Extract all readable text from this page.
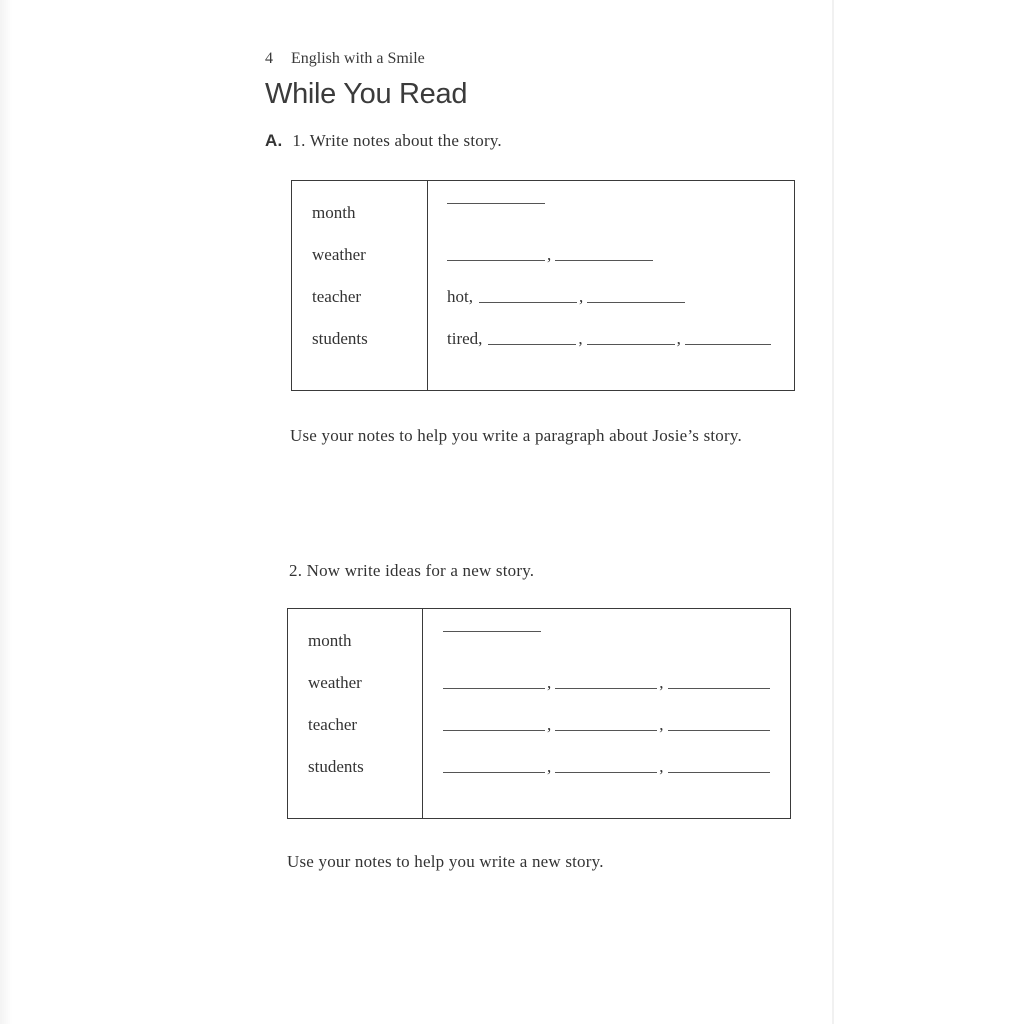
4 English with a Smile
While You Read
A. 1. Write notes about the story.
month
weather	,
teacher	hot,	,
students	tired,	,	,
Use your notes to help you write a paragraph about Josie’s story.
2. Now write ideas for a new story.
month
weather	,	,
teacher	,	,
students	,	,
Use your notes to help you write a new story.
